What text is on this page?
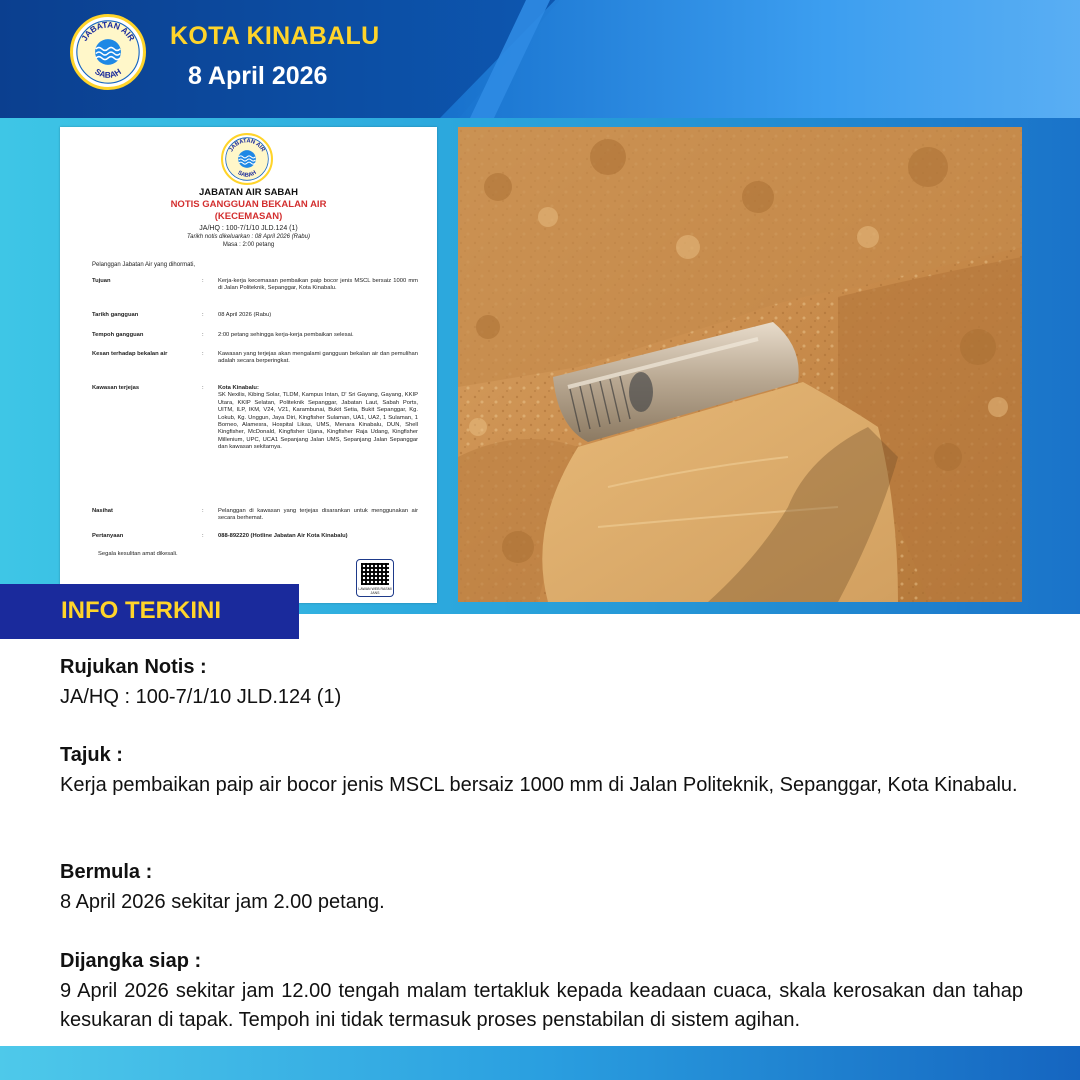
JABATAN AIR
SABAH
KOTA KINABALU
8 April 2026
JABATAN AIR
SABAH
JABATAN AIR SABAH
NOTIS GANGGUAN BEKALAN AIR
(KECEMASAN)
JA/HQ : 100-7/1/10 JLD.124 (1)
Tarikh notis dikeluarkan : 08 April 2026 (Rabu)
Masa : 2:00 petang
Pelanggan Jabatan Air yang dihormati,
Tujuan	: Kerja-kerja kecemasan pembaikan paip bocor jenis MSCL bersaiz 1000 mm di Jalan Politeknik, Sepanggar, Kota Kinabalu.
Tarikh gangguan	: 08 April 2026 (Rabu)
Tempoh gangguan	: 2:00 petang sehingga kerja-kerja pembaikan selesai.
Kesan terhadap bekalan air	: Kawasan yang terjejas akan mengalami gangguan bekalan air dan pemulihan adalah secara berperingkat.
Kawasan terjejas	: Kota Kinabalu:
SK Nexilis, Kibing Solar, TLDM, Kampus Intan, D' Sri Gayang, Gayang, KKIP Utara, KKIP Selatan, Politeknik Sepanggar, Jabatan Laut, Sabah Ports, UITM, ILP, IKM, V24, V21, Karambunai, Bukit Setia, Bukit Sepanggar, Kg. Lokub, Kg. Unggun, Jaya Diri, Kingfisher Sulaman, UA1, UA2, 1 Sulaman, 1 Borneo, Alamesra, Hospital Likas, UMS, Menara Kinabalu, DUN, Shell Kingfisher, McDonald, Kingfisher Ujana, Kingfisher Raja Udang, Kingfisher Millenium, UPC, UCA1 Sepanjang Jalan UMS, Sepanjang Jalan Sepanggar dan kawasan sekitarnya.
Nasihat	: Pelanggan di kawasan yang terjejas disarankan untuk menggunakan air secara berhemat.
Pertanyaan	: 088-892220 (Hotline Jabatan Air Kota Kinabalu)
Segala kesulitan amat dikesali.
LAWAN WEB RASMI JANS
INFO TERKINI
Rujukan Notis :
JA/HQ : 100-7/1/10 JLD.124 (1)
Tajuk :
Kerja pembaikan paip air bocor jenis MSCL bersaiz 1000 mm di Jalan Politeknik, Sepanggar, Kota Kinabalu.
Bermula :
8 April 2026 sekitar jam 2.00 petang.
Dijangka siap :
9 April 2026 sekitar jam 12.00 tengah malam tertakluk kepada keadaan cuaca, skala kerosakan dan tahap kesukaran di tapak. Tempoh ini tidak termasuk proses penstabilan di sistem agihan.
